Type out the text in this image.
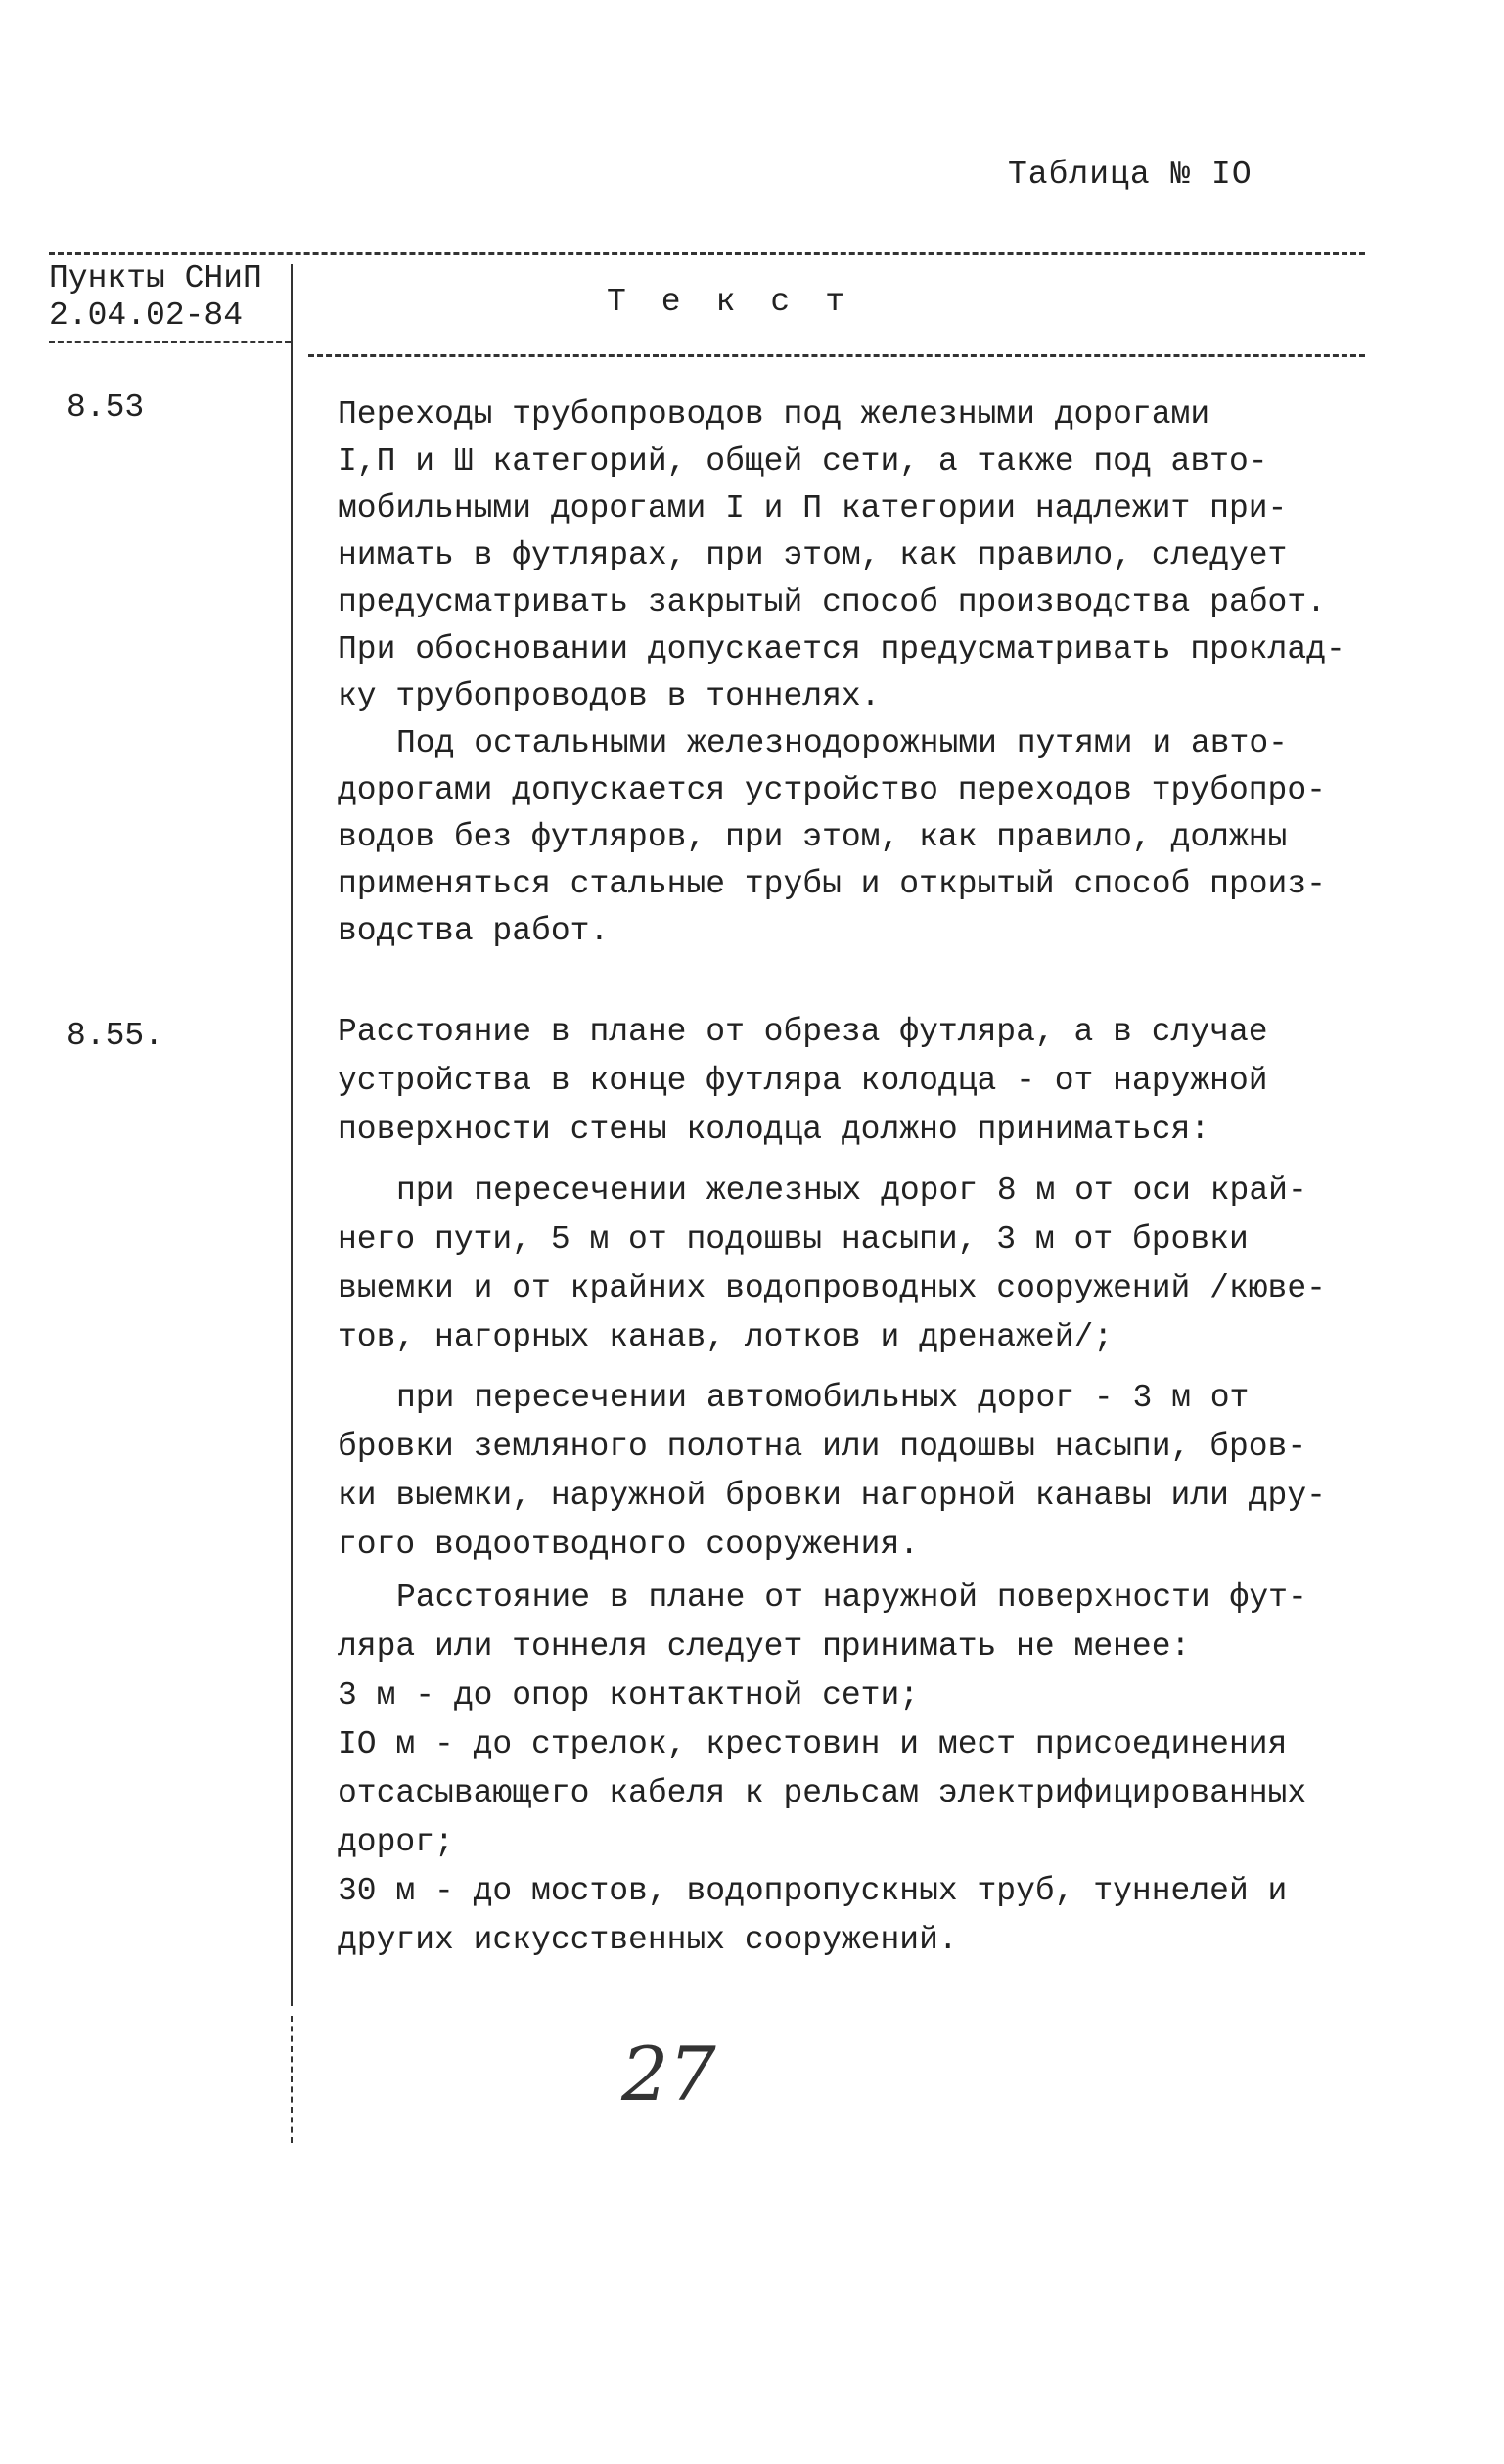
Таблица № IO
Пункты СНиП
2.04.02-84	Текст
8.53	Переходы трубопроводов под железными дорогами

I,П и Ш категорий, общей сети, а также под авто-

мобильными дорогами I и П категории надлежит при-

нимать в футлярах, при этом, как правило, следует

предусматривать закрытый способ производства работ.

При обосновании допускается предусматривать проклад-

ку трубопроводов в тоннелях.

Под остальными железнодорожными путями и авто-

дорогами допускается устройство переходов трубопро-

водов без футляров, при этом, как правило, должны

применяться стальные трубы и открытый способ произ-

водства работ.

8.55.	Расстояние в плане от обреза футляра, а в случае

устройства в конце футляра колодца - от наружной

поверхности стены колодца должно приниматься:

при пересечении железных дорог 8 м от оси край-

него пути, 5 м от подошвы насыпи, 3 м от бровки

выемки и от крайних водопроводных сооружений /кюве-

тов, нагорных канав, лотков и дренажей/;

при пересечении автомобильных дорог - 3 м от

бровки земляного полотна или подошвы насыпи, бров-

ки выемки, наружной бровки нагорной канавы или дру-

гого водоотводного сооружения.

Расстояние в плане от наружной поверхности фут-

ляра или тоннеля следует принимать не менее:

3 м - до опор контактной сети;

IO м - до стрелок, крестовин и мест присоединения

отсасывающего кабеля к рельсам электрифицированных

дорог;

30 м - до мостов, водопропускных труб, туннелей и

других искусственных сооружений.

27
